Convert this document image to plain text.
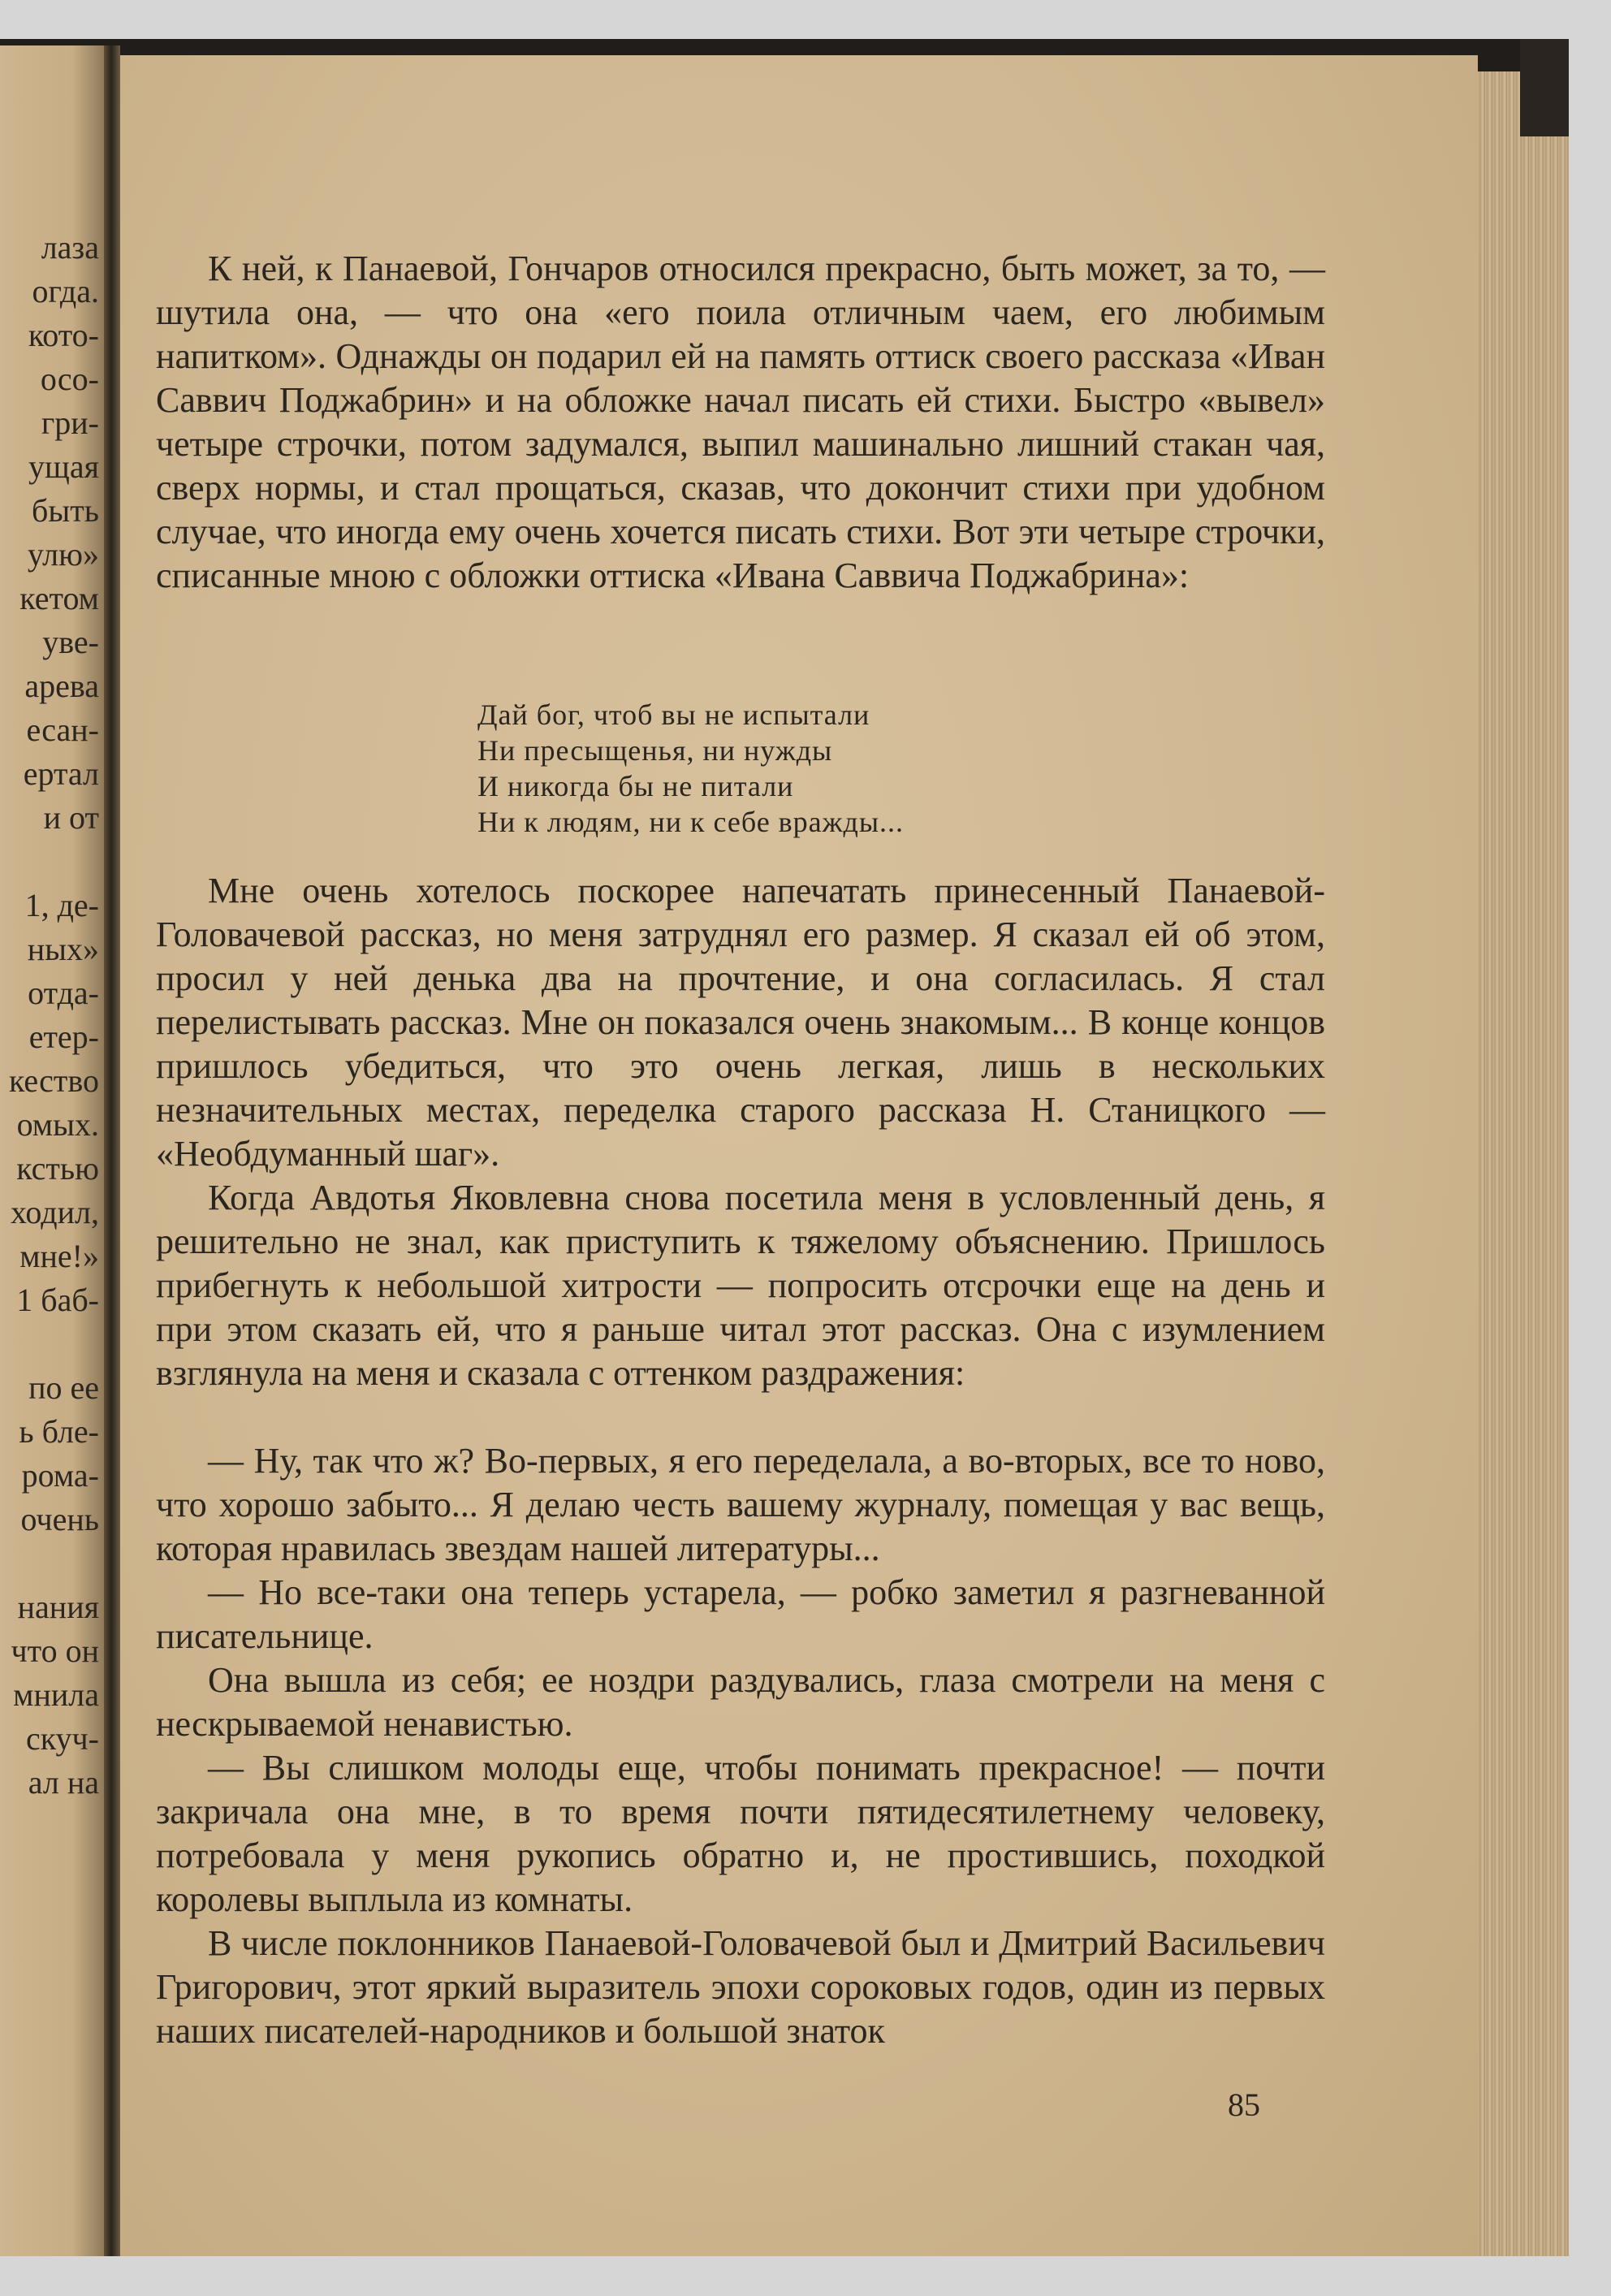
лаза
огда.
кото-
осо-
гри-
ущая
быть
улю»
кетом
уве-
арева
есан-
ертал
и от
1, де-
ных»
отда-
етер-
кество
омых.
кстью
ходил,
мне!»
1 баб-
по ее
ь бле-
рома-
очень
нания
что он
мнила
скуч-
ал на

К ней, к Панаевой, Гончаров относился прекрасно, быть может, за то, — шутила она, — что она «его поила отличным чаем, его любимым напитком». Однажды он подарил ей на память оттиск своего рассказа «Иван Саввич Поджабрин» и на обложке начал писать ей стихи. Быстро «вывел» четыре строчки, потом задумался, выпил машинально лишний стакан чая, сверх нормы, и стал прощаться, сказав, что докончит стихи при удобном случае, что иногда ему очень хочется писать стихи. Вот эти четыре строчки, списанные мною с обложки оттиска «Ивана Саввича Поджабрина»:

Дай бог, чтоб вы не испытали
Ни пресыщенья, ни нужды
И никогда бы не питали
Ни к людям, ни к себе вражды...

Мне очень хотелось поскорее напечатать принесенный Панаевой-Головачевой рассказ, но меня затруднял его размер. Я сказал ей об этом, просил у ней денька два на прочтение, и она согласилась. Я стал перелистывать рассказ. Мне он показался очень знакомым... В конце концов пришлось убедиться, что это очень легкая, лишь в нескольких незначительных местах, переделка старого рассказа Н. Станицкого — «Необдуманный шаг».

Когда Авдотья Яковлевна снова посетила меня в условленный день, я решительно не знал, как приступить к тяжелому объяснению. Пришлось прибегнуть к небольшой хитрости — попросить отсрочки еще на день и при этом сказать ей, что я раньше читал этот рассказ. Она с изумлением взглянула на меня и сказала с оттенком раздражения:

— Ну, так что ж? Во-первых, я его переделала, а во-вторых, все то ново, что хорошо забыто... Я делаю честь вашему журналу, помещая у вас вещь, которая нравилась звездам нашей литературы...

— Но все-таки она теперь устарела, — робко заметил я разгневанной писательнице.

Она вышла из себя; ее ноздри раздувались, глаза смотрели на меня с нескрываемой ненавистью.

— Вы слишком молоды еще, чтобы понимать прекрасное! — почти закричала она мне, в то время почти пятидесятилетнему человеку, потребовала у меня рукопись обратно и, не простившись, походкой королевы выплыла из комнаты.

В числе поклонников Панаевой-Головачевой был и Дмитрий Васильевич Григорович, этот яркий выразитель эпохи сороковых годов, один из первых наших писателей-народников и большой знаток

85
